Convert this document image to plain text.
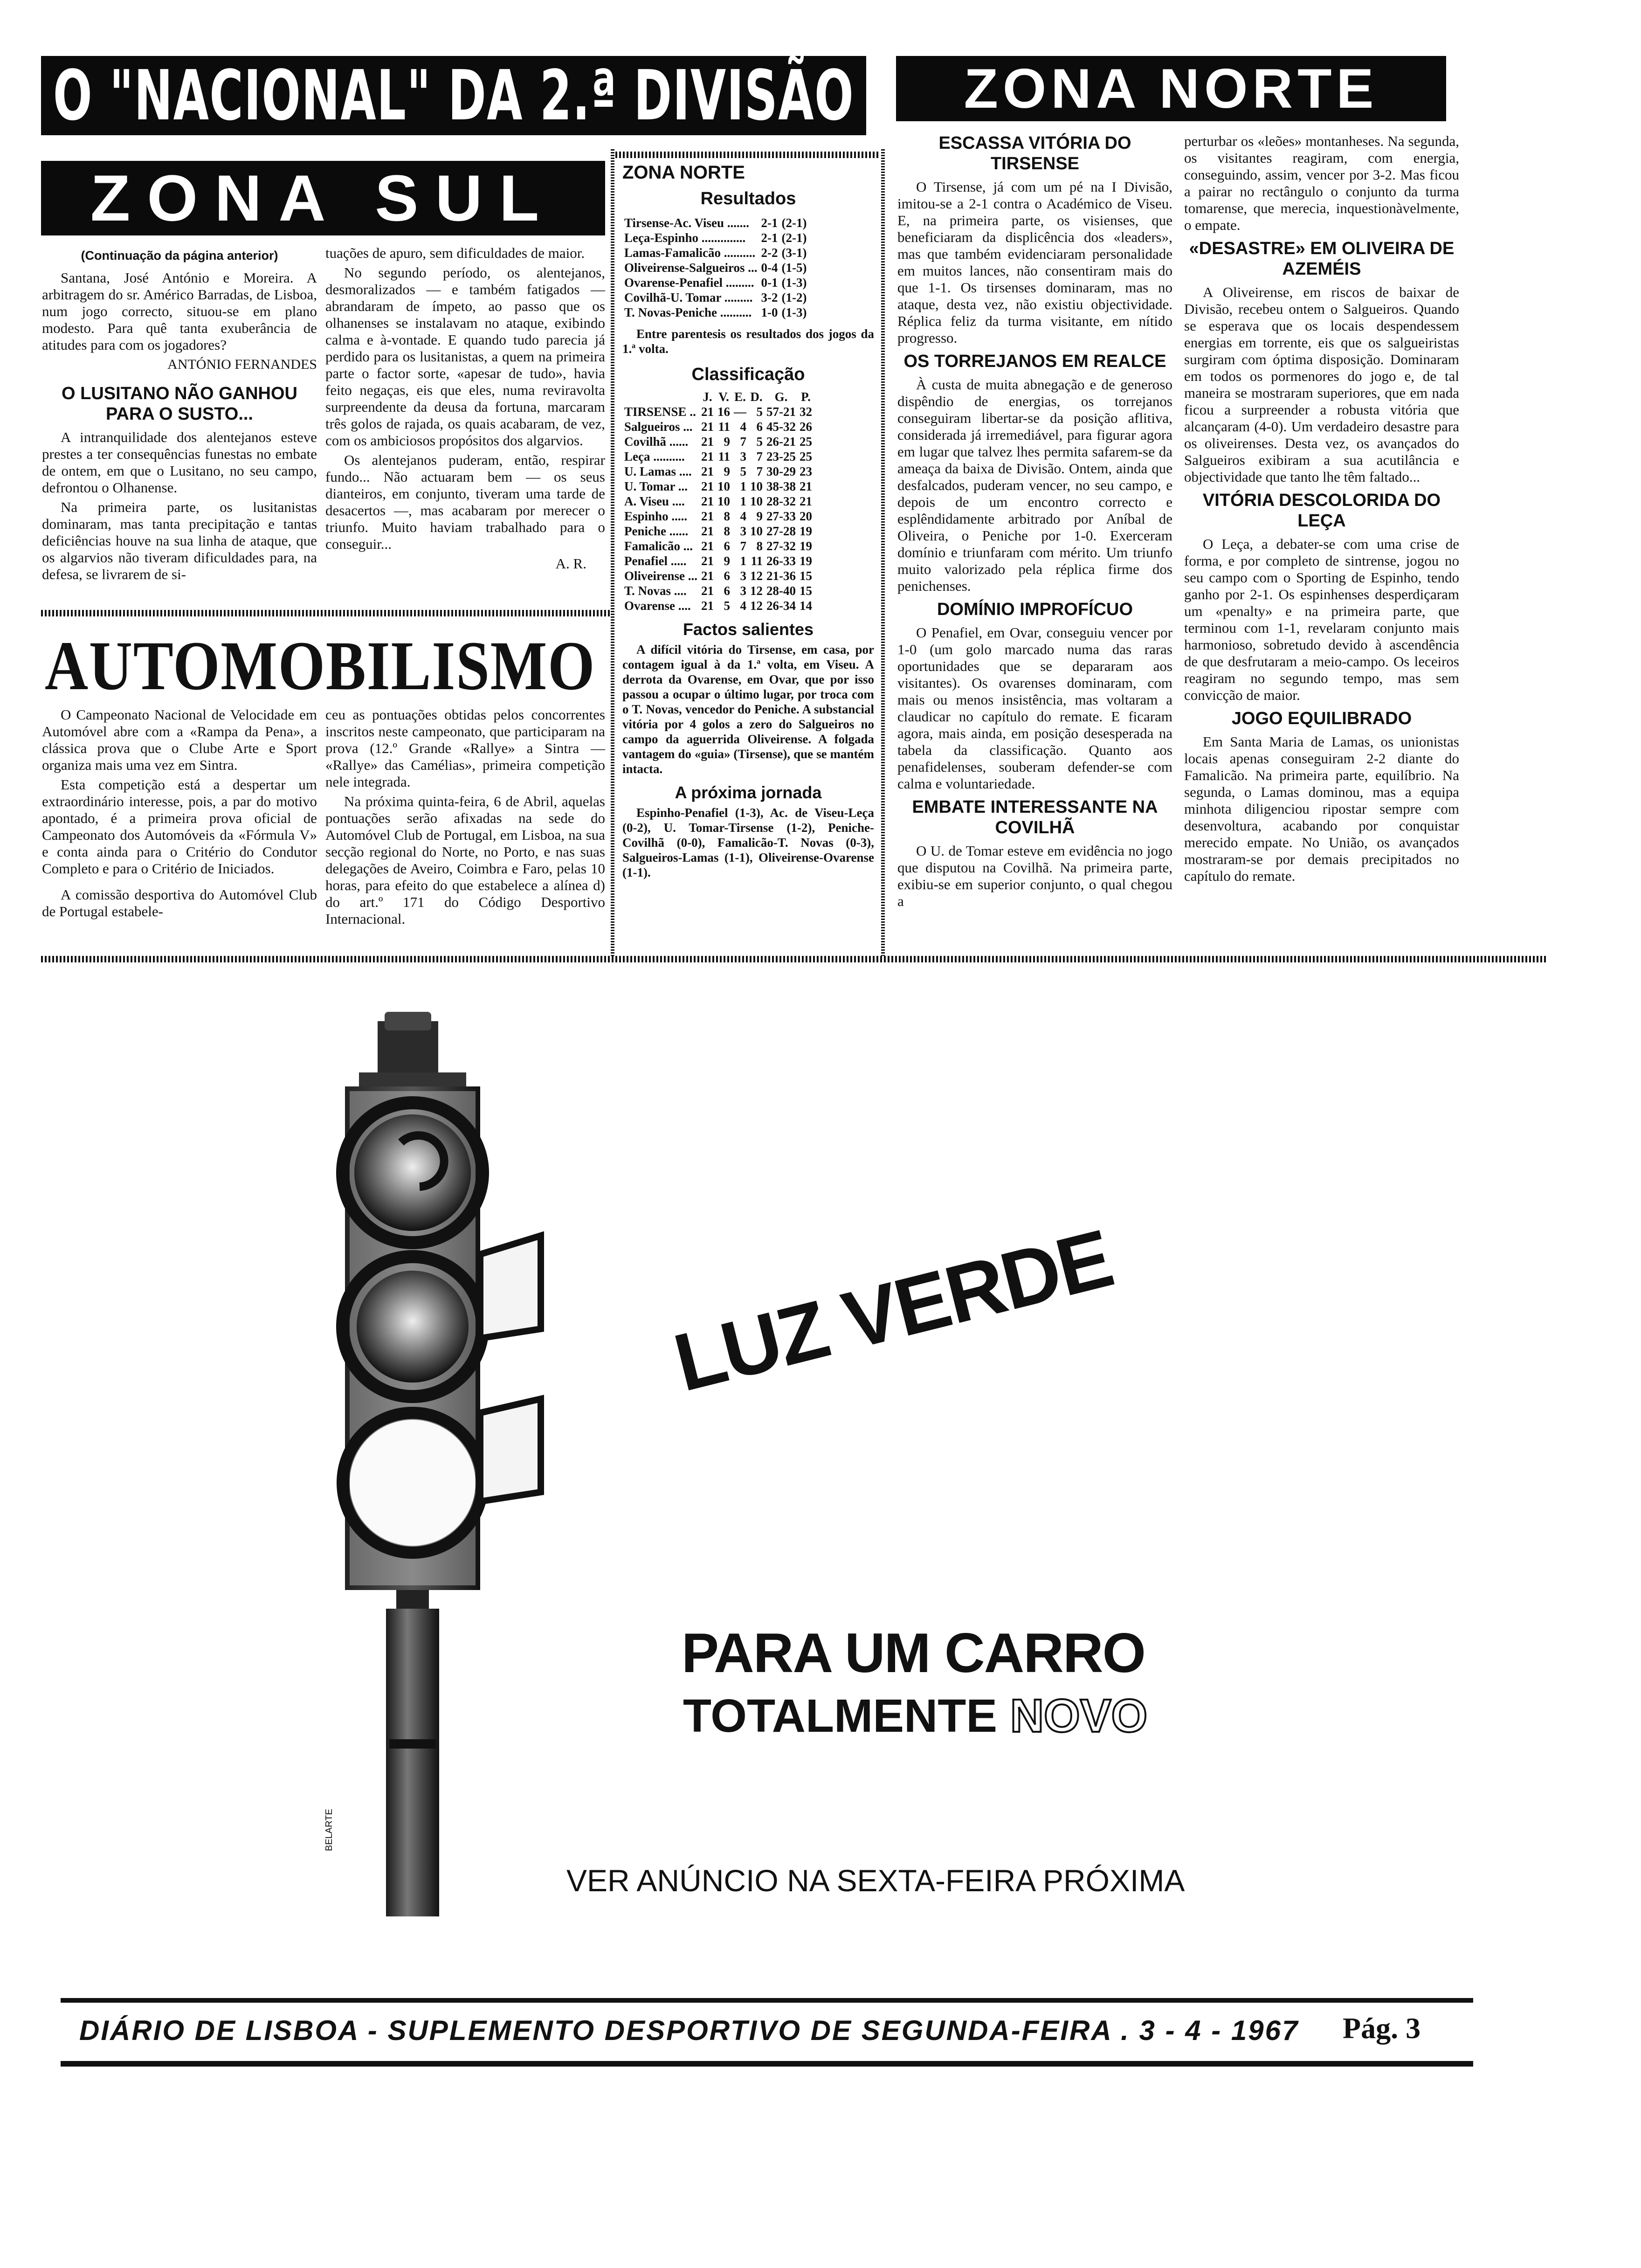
O "NACIONAL" DA 2.ª DIVISÃO ZONA NORTE
ZONA SUL
(Continuação da página anterior)

Santana, José António e Moreira. A arbitragem do sr. Américo Barradas, de Lisboa, num jogo correcto, situou-se em plano modesto. Para quê tanta exuberância de atitudes para com os jogadores?

ANTÓNIO FERNANDES
O LUSITANO NÃO GANHOU PARA O SUSTO...

A intranquilidade dos alentejanos esteve prestes a ter consequências funestas no embate de ontem, em que o Lusitano, no seu campo, defrontou o Olhanense.

Na primeira parte, os lusitanistas dominaram, mas tanta precipitação e tantas deficiências houve na sua linha de ataque, que os algarvios não tiveram dificuldades para, na defesa, se livrarem de si-

tuações de apuro, sem dificuldades de maior.

No segundo período, os alentejanos, desmoralizados — e também fatigados — abrandaram de ímpeto, ao passo que os olhanenses se instalavam no ataque, exibindo calma e à-vontade. E quando tudo parecia já perdido para os lusitanistas, a quem na primeira parte o factor sorte, «apesar de tudo», havia feito negaças, eis que eles, numa reviravolta surpreendente da deusa da fortuna, marcaram três golos de rajada, os quais acabaram, de vez, com os ambiciosos propósitos dos algarvios.

Os alentejanos puderam, então, respirar fundo... Não actuaram bem — os seus dianteiros, em conjunto, tiveram uma tarde de desacertos —, mas acabaram por merecer o triunfo. Muito haviam trabalhado para o conseguir...

A. R.
AUTOMOBILISMO

O Campeonato Nacional de Velocidade em Automóvel abre com a «Rampa da Pena», a clássica prova que o Clube Arte e Sport organiza mais uma vez em Sintra.

Esta competição está a despertar um extraordinário interesse, pois, a par do motivo apontado, é a primeira prova oficial de Campeonato dos Automóveis da «Fórmula V» e conta ainda para o Critério do Condutor Completo e para o Critério de Iniciados.

A comissão desportiva do Automóvel Club de Portugal estabele-

ceu as pontuações obtidas pelos concorrentes inscritos neste campeonato, que participaram na prova (12.º Grande «Rallye» a Sintra — «Rallye» das Camélias», primeira competição nele integrada.

Na próxima quinta-feira, 6 de Abril, aquelas pontuações serão afixadas na sede do Automóvel Club de Portugal, em Lisboa, na sua secção regional do Norte, no Porto, e nas suas delegações de Aveiro, Coimbra e Faro, pelas 10 horas, para efeito do que estabelece a alínea d) do art.º 171 do Código Desportivo Internacional.

ZONA NORTE
Resultados
Tirsense-Ac. Viseu .......	2-1	(2-1)
Leça-Espinho ..............	2-1	(2-1)
Lamas-Famalicão ..........	2-2	(3-1)
Oliveirense-Salgueiros ...	0-4	(1-5)
Ovarense-Penafiel .........	0-1	(1-3)
Covilhã-U. Tomar .........	3-2	(1-2)
T. Novas-Peniche ..........	1-0	(1-3)
Entre parentesis os resultados dos jogos da 1.ª volta.
Classificação
	J.	V.	E.	D.	G.	P.
TIRSENSE ..	21	16	—	5	57-21	32
Salgueiros ...	21	11	4	6	45-32	26
Covilhã ......	21	9	7	5	26-21	25
Leça ..........	21	11	3	7	23-25	25
U. Lamas ....	21	9	5	7	30-29	23
U. Tomar ...	21	10	1	10	38-38	21
A. Viseu ....	21	10	1	10	28-32	21
Espinho .....	21	8	4	9	27-33	20
Peniche ......	21	8	3	10	27-28	19
Famalicão ...	21	6	7	8	27-32	19
Penafiel .....	21	9	1	11	26-33	19
Oliveirense ...	21	6	3	12	21-36	15
T. Novas ....	21	6	3	12	28-40	15
Ovarense ....	21	5	4	12	26-34	14
Factos salientes
A difícil vitória do Tirsense, em casa, por contagem igual à da 1.ª volta, em Viseu. A derrota da Ovarense, em Ovar, que por isso passou a ocupar o último lugar, por troca com o T. Novas, vencedor do Peniche. A substancial vitória por 4 golos a zero do Salgueiros no campo da aguerrida Oliveirense. A folgada vantagem do «guia» (Tirsense), que se mantém intacta.
A próxima jornada
Espinho-Penafiel (1-3), Ac. de Viseu-Leça (0-2), U. Tomar-Tirsense (1-2), Peniche-Covilhã (0-0), Famalicão-T. Novas (0-3), Salgueiros-Lamas (1-1), Oliveirense-Ovarense (1-1).
ESCASSA VITÓRIA DO TIRSENSE

O Tirsense, já com um pé na I Divisão, imitou-se a 2-1 contra o Académico de Viseu. E, na primeira parte, os visienses, que beneficiaram da displicência dos «leaders», mas que também evidenciaram personalidade em muitos lances, não consentiram mais do que 1-1. Os tirsenses dominaram, mas no ataque, desta vez, não existiu objectividade. Réplica feliz da turma visitante, em nítido progresso.

OS TORREJANOS EM REALCE

À custa de muita abnegação e de generoso dispêndio de energias, os torrejanos conseguiram libertar-se da posição aflitiva, considerada já irremediável, para figurar agora em lugar que talvez lhes permita safarem-se da ameaça da baixa de Divisão. Ontem, ainda que desfalcados, puderam vencer, no seu campo, e depois de um encontro correcto e esplêndidamente arbitrado por Aníbal de Oliveira, o Peniche por 1-0. Exerceram domínio e triunfaram com mérito. Um triunfo muito valorizado pela réplica firme dos penichenses.

DOMÍNIO IMPROFÍCUO

O Penafiel, em Ovar, conseguiu vencer por 1-0 (um golo marcado numa das raras oportunidades que se depararam aos visitantes). Os ovarenses dominaram, com mais ou menos insistência, mas voltaram a claudicar no capítulo do remate. E ficaram agora, mais ainda, em posição desesperada na tabela da classificação. Quanto aos penafidelenses, souberam defender-se com calma e voluntariedade.

EMBATE INTERESSANTE NA COVILHÃ

O U. de Tomar esteve em evidência no jogo que disputou na Covilhã. Na primeira parte, exibiu-se em superior conjunto, o qual chegou a

perturbar os «leões» montanheses. Na segunda, os visitantes reagiram, com energia, conseguindo, assim, vencer por 3-2. Mas ficou a pairar no rectângulo o conjunto da turma tomarense, que merecia, inquestionàvelmente, o empate.

«DESASTRE» EM OLIVEIRA DE AZEMÉIS

A Oliveirense, em riscos de baixar de Divisão, recebeu ontem o Salgueiros. Quando se esperava que os locais despendessem energias em torrente, eis que os salgueiristas surgiram com óptima disposição. Dominaram em todos os pormenores do jogo e, de tal maneira se mostraram superiores, que em nada ficou a surpreender a robusta vitória que alcançaram (4-0). Um verdadeiro desastre para os oliveirenses. Desta vez, os avançados do Salgueiros exibiram a sua acutilância e objectividade que tanto lhe têm faltado...

VITÓRIA DESCOLORIDA DO LEÇA

O Leça, a debater-se com uma crise de forma, e por completo de sintrense, jogou no seu campo com o Sporting de Espinho, tendo ganho por 2-1. Os espinhenses desperdiçaram um «penalty» e na primeira parte, que terminou com 1-1, revelaram conjunto mais harmonioso, sobretudo devido à ascendência de que desfrutaram a meio-campo. Os leceiros reagiram no segundo tempo, mas sem convicção de maior.

JOGO EQUILIBRADO

Em Santa Maria de Lamas, os unionistas locais apenas conseguiram 2-2 diante do Famalicão. Na primeira parte, equilíbrio. Na segunda, o Lamas dominou, mas a equipa minhota diligenciou ripostar sempre com desenvoltura, acabando por conquistar merecido empate. No União, os avançados mostraram-se por demais precipitados no capítulo do remate.

BELARTE
LUZ VERDE
PARA UM CARRO
TOTALMENTE NOVO
VER ANÚNCIO NA SEXTA-FEIRA PRÓXIMA
DIÁRIO DE LISBOA - SUPLEMENTO DESPORTIVO DE SEGUNDA-FEIRA . 3 - 4 - 1967 Pág. 3
